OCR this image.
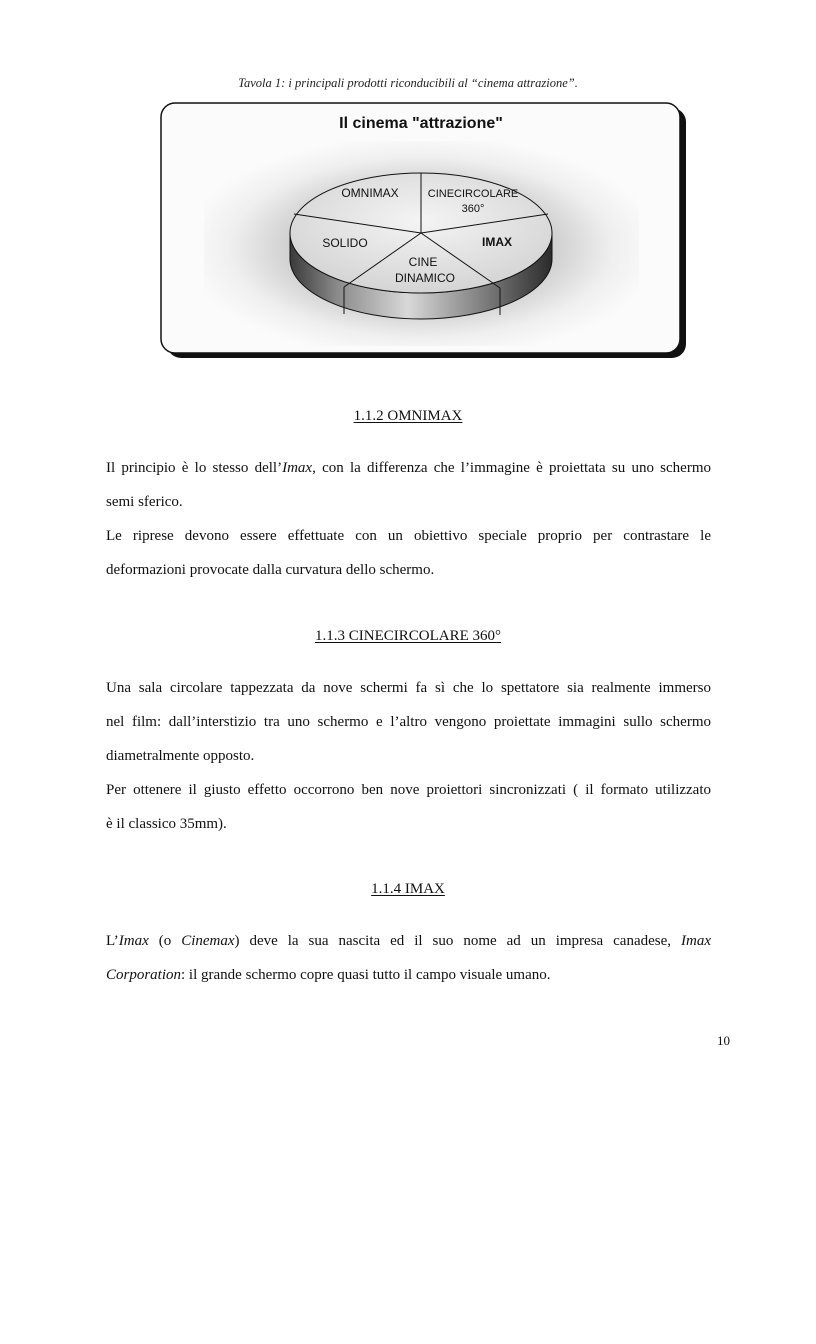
Tavola 1: i principali prodotti riconducibili al “cinema attrazione”.
Il cinema "attrazione"
OMNIMAX	CINECIRCOLARE
360°
IMAX
SOLIDO
CINE
DINAMICO
1.1.2 OMNIMAX
Il principio è lo stesso dell’Imax, con la differenza che l’immagine è proiettata su uno schermo
semi sferico.
Le riprese devono essere effettuate con un obiettivo speciale proprio per contrastare le
deformazioni provocate dalla curvatura dello schermo.
1.1.3 CINECIRCOLARE 360°
Una sala circolare tappezzata da nove schermi fa sì che lo spettatore sia realmente immerso
nel film: dall’interstizio tra uno schermo e l’altro vengono proiettate immagini sullo schermo
diametralmente opposto.
Per ottenere il giusto effetto occorrono ben nove proiettori sincronizzati ( il formato utilizzato
è il classico 35mm).
1.1.4 IMAX
L’Imax (o Cinemax) deve la sua nascita ed il suo nome ad un impresa canadese, Imax
Corporation: il grande schermo copre quasi tutto il campo visuale umano.
10
